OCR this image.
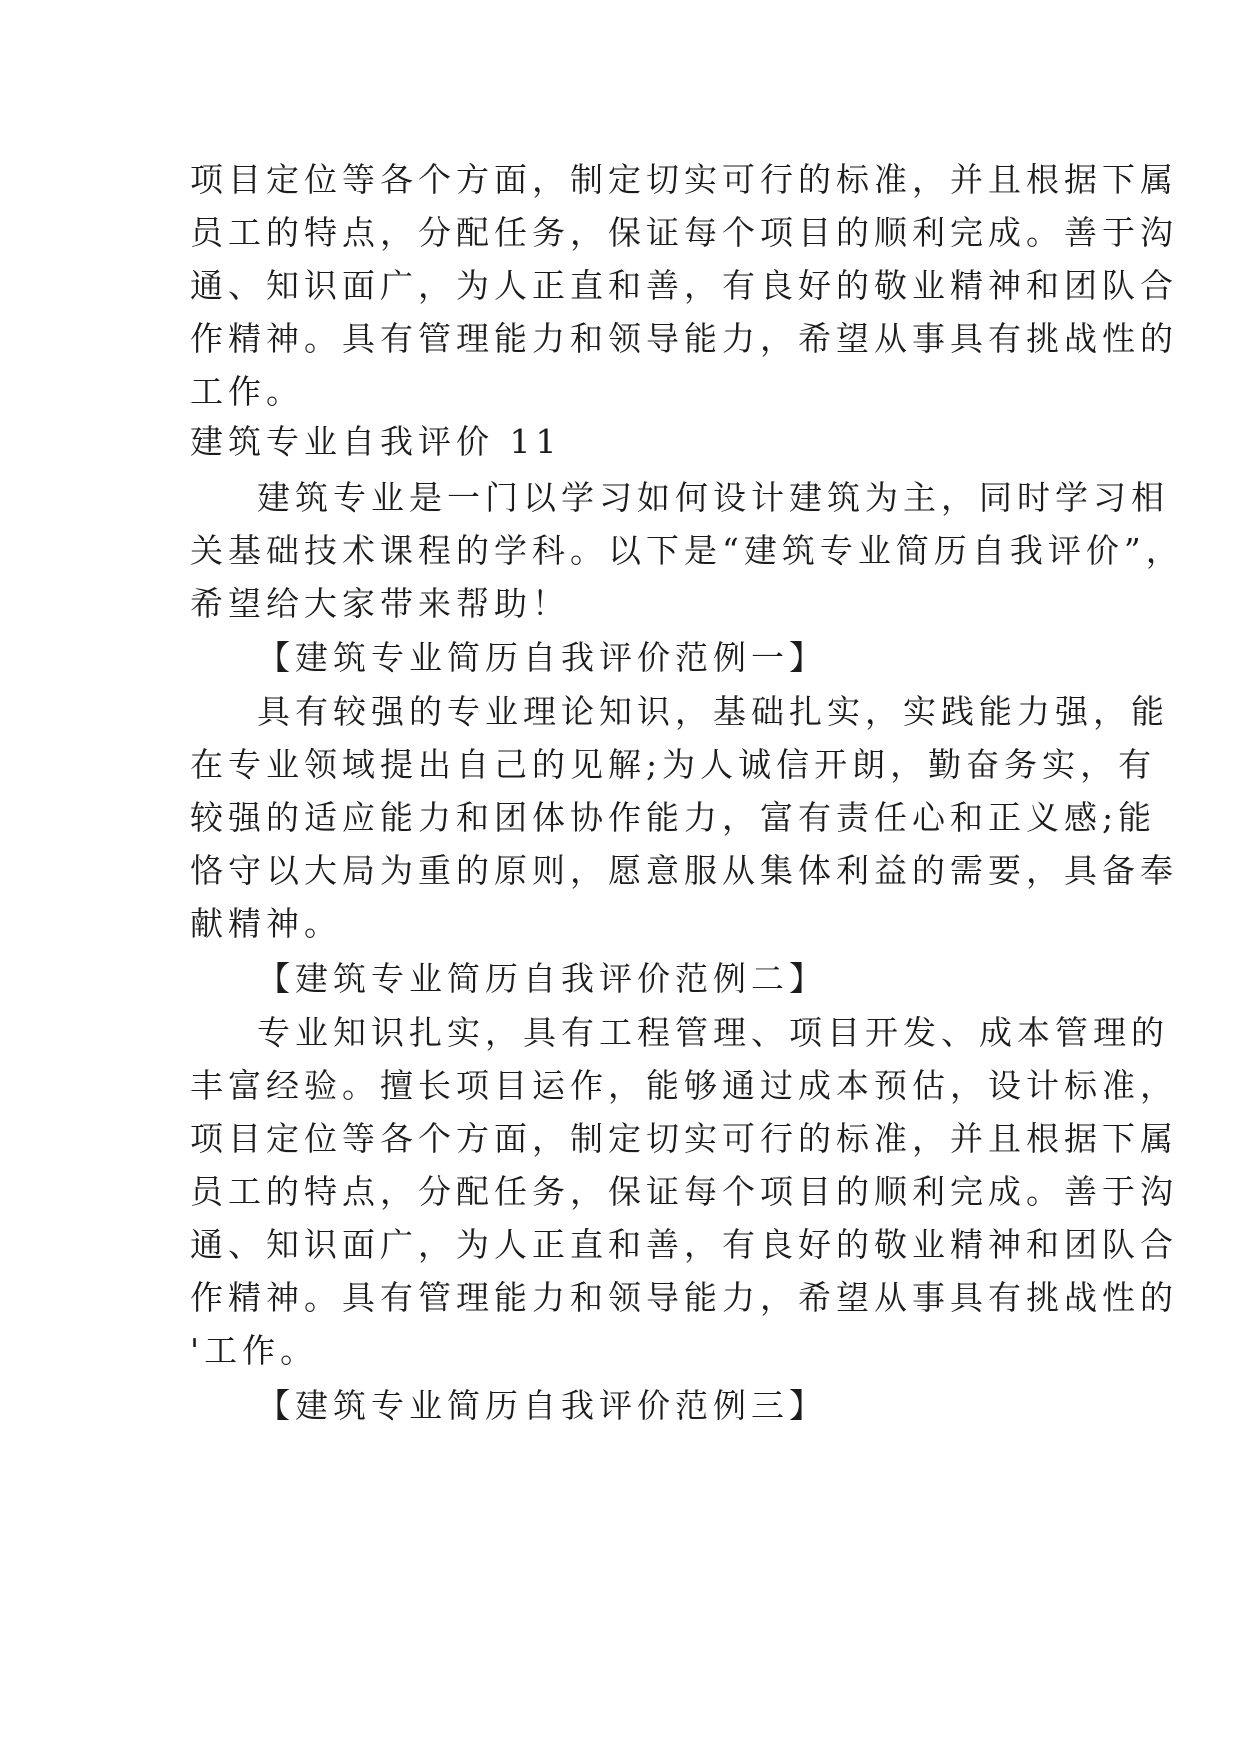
项目定位等各个方面，制定切实可行的标准，并且根据下属
员工的特点，分配任务，保证每个项目的顺利完成。善于沟
通、知识面广，为人正直和善，有良好的敬业精神和团队合
作精神。具有管理能力和领导能力，希望从事具有挑战性的
工作。
建筑专业自我评价 11
建筑专业是一门以学习如何设计建筑为主，同时学习相
关基础技术课程的学科。以下是“建筑专业简历自我评价”，
希望给大家带来帮助！
【建筑专业简历自我评价范例一】
具有较强的专业理论知识，基础扎实，实践能力强，能
在专业领域提出自己的见解;为人诚信开朗，勤奋务实，有
较强的适应能力和团体协作能力，富有责任心和正义感;能
恪守以大局为重的原则，愿意服从集体利益的需要，具备奉
献精神。
【建筑专业简历自我评价范例二】
专业知识扎实，具有工程管理、项目开发、成本管理的
丰富经验。擅长项目运作，能够通过成本预估，设计标准，
项目定位等各个方面，制定切实可行的标准，并且根据下属
员工的特点，分配任务，保证每个项目的顺利完成。善于沟
通、知识面广，为人正直和善，有良好的敬业精神和团队合
作精神。具有管理能力和领导能力，希望从事具有挑战性的
'工作。
【建筑专业简历自我评价范例三】
